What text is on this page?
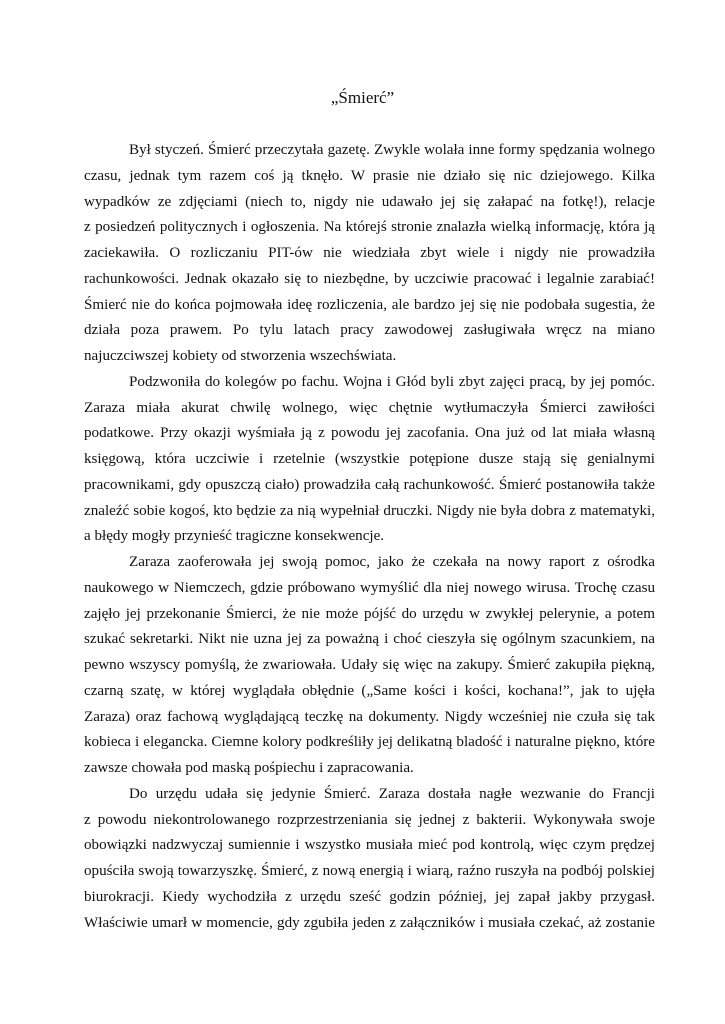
„Śmierć”
Był styczeń. Śmierć przeczytała gazetę. Zwykle wolała inne formy spędzania wolnego
czasu, jednak tym razem coś ją tknęło. W prasie nie działo się nic dziejowego. Kilka
wypadków ze zdjęciami (niech to, nigdy nie udawało jej się załapać na fotkę!), relacje
z posiedzeń politycznych i ogłoszenia. Na którejś stronie znalazła wielką informację, która ją
zaciekawiła. O rozliczaniu PIT-ów nie wiedziała zbyt wiele i nigdy nie prowadziła
rachunkowości. Jednak okazało się to niezbędne, by uczciwie pracować i legalnie zarabiać!
Śmierć nie do końca pojmowała ideę rozliczenia, ale bardzo jej się nie podobała sugestia, że
działa poza prawem. Po tylu latach pracy zawodowej zasługiwała wręcz na miano
najuczciwszej kobiety od stworzenia wszechświata.
Podzwoniła do kolegów po fachu. Wojna i Głód byli zbyt zajęci pracą, by jej pomóc.
Zaraza miała akurat chwilę wolnego, więc chętnie wytłumaczyła Śmierci zawiłości
podatkowe. Przy okazji wyśmiała ją z powodu jej zacofania. Ona już od lat miała własną
księgową, która uczciwie i rzetelnie (wszystkie potępione dusze stają się genialnymi
pracownikami, gdy opuszczą ciało) prowadziła całą rachunkowość. Śmierć postanowiła także
znaleźć sobie kogoś, kto będzie za nią wypełniał druczki. Nigdy nie była dobra z matematyki,
a błędy mogły przynieść tragiczne konsekwencje.
Zaraza zaoferowała jej swoją pomoc, jako że czekała na nowy raport z ośrodka
naukowego w Niemczech, gdzie próbowano wymyślić dla niej nowego wirusa. Trochę czasu
zajęło jej przekonanie Śmierci, że nie może pójść do urzędu w zwykłej pelerynie, a potem
szukać sekretarki. Nikt nie uzna jej za poważną i choć cieszyła się ogólnym szacunkiem, na
pewno wszyscy pomyślą, że zwariowała. Udały się więc na zakupy. Śmierć zakupiła piękną,
czarną szatę, w której wyglądała obłędnie („Same kości i kości, kochana!”, jak to ujęła
Zaraza) oraz fachową wyglądającą teczkę na dokumenty. Nigdy wcześniej nie czuła się tak
kobieca i elegancka. Ciemne kolory podkreśliły jej delikatną bladość i naturalne piękno, które
zawsze chowała pod maską pośpiechu i zapracowania.
Do urzędu udała się jedynie Śmierć. Zaraza dostała nagłe wezwanie do Francji
z powodu niekontrolowanego rozprzestrzeniania się jednej z bakterii. Wykonywała swoje
obowiązki nadzwyczaj sumiennie i wszystko musiała mieć pod kontrolą, więc czym prędzej
opuściła swoją towarzyszkę. Śmierć, z nową energią i wiarą, raźno ruszyła na podbój polskiej
biurokracji. Kiedy wychodziła z urzędu sześć godzin później, jej zapał jakby przygasł.
Właściwie umarł w momencie, gdy zgubiła jeden z załączników i musiała czekać, aż zostanie
